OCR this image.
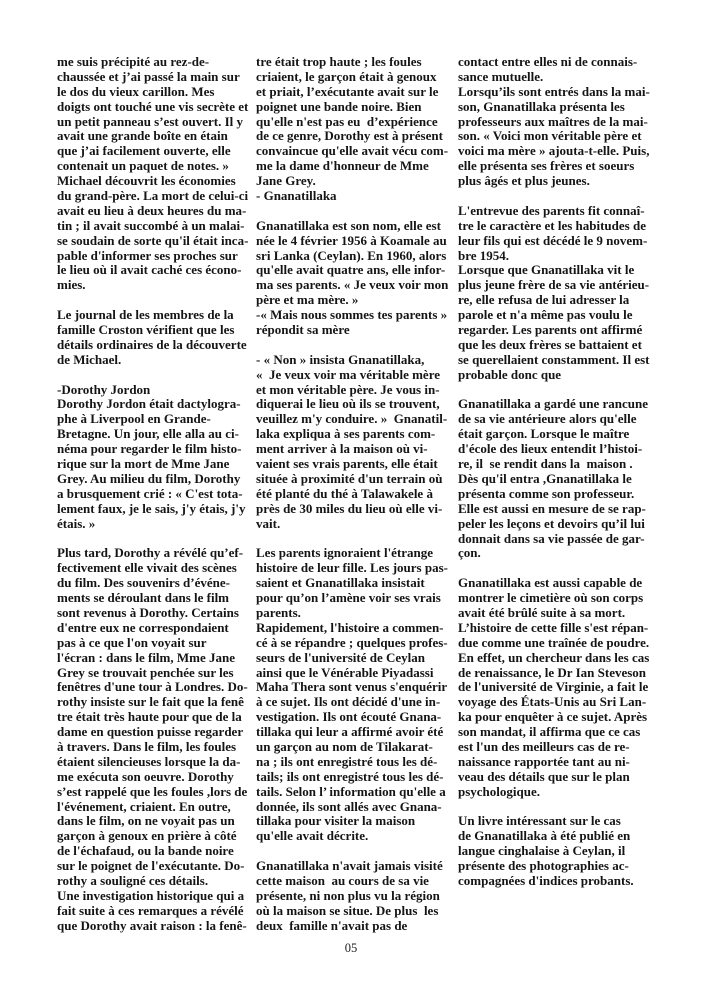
me suis précipité au rez-de-
chaussée et j’ai passé la main sur
le dos du vieux carillon. Mes
doigts ont touché une vis secrète et
un petit panneau s’est ouvert. Il y
avait une grande boîte en étain
que j’ai facilement ouverte, elle
contenait un paquet de notes. »
Michael découvrit les économies
du grand-père. La mort de celui-ci
avait eu lieu à deux heures du ma-
tin ; il avait succombé à un malai-
se soudain de sorte qu'il était inca-
pable d'informer ses proches sur
le lieu où il avait caché ces écono-
mies.

Le journal de les membres de la
famille Croston vérifient que les
détails ordinaires de la découverte
de Michael.

-Dorothy Jordon
Dorothy Jordon était dactylogra-
phe à Liverpool en Grande-
Bretagne. Un jour, elle alla au ci-
néma pour regarder le film histo-
rique sur la mort de Mme Jane
Grey. Au milieu du film, Dorothy
a brusquement crié : « C'est tota-
lement faux, je le sais, j'y étais, j'y
étais. »

Plus tard, Dorothy a révélé qu’ef-
fectivement elle vivait des scènes
du film. Des souvenirs d’événe-
ments se déroulant dans le film
sont revenus à Dorothy. Certains
d'entre eux ne correspondaient
pas à ce que l'on voyait sur
l'écran : dans le film, Mme Jane
Grey se trouvait penchée sur les
fenêtres d'une tour à Londres. Do-
rothy insiste sur le fait que la fenê
tre était très haute pour que de la
dame en question puisse regarder
à travers. Dans le film, les foules
étaient silencieuses lorsque la da-
me exécuta son oeuvre. Dorothy
s’est rappelé que les foules ,lors de
l'événement, criaient. En outre,
dans le film, on ne voyait pas un
garçon à genoux en prière à côté
de l'échafaud, ou la bande noire
sur le poignet de l'exécutante. Do-
rothy a souligné ces détails.
Une investigation historique qui a
fait suite à ces remarques a révélé
que Dorothy avait raison : la fenê-
tre était trop haute ; les foules
criaient, le garçon était à genoux
et priait, l’exécutante avait sur le
poignet une bande noire. Bien
qu'elle n'est pas eu  d’expérience
de ce genre, Dorothy est à présent
convaincue qu'elle avait vécu com-
me la dame d'honneur de Mme
Jane Grey.
- Gnanatillaka

Gnanatillaka est son nom, elle est
née le 4 février 1956 à Koamale au
sri Lanka (Ceylan). En 1960, alors
qu'elle avait quatre ans, elle infor-
ma ses parents. « Je veux voir mon
père et ma mère. »
-« Mais nous sommes tes parents »
répondit sa mère

- « Non » insista Gnanatillaka,
«  Je veux voir ma véritable mère
et mon véritable père. Je vous in-
diquerai le lieu où ils se trouvent,
veuillez m'y conduire. »  Gnanatil-
laka expliqua à ses parents com-
ment arriver à la maison où vi-
vaient ses vrais parents, elle était
située à proximité d'un terrain où
été planté du thé à Talawakele à
près de 30 miles du lieu où elle vi-
vait.

Les parents ignoraient l'étrange
histoire de leur fille. Les jours pas-
saient et Gnanatillaka insistait
pour qu’on l’amène voir ses vrais
parents.
Rapidement, l'histoire a commen-
cé à se répandre ; quelques profes-
seurs de l'université de Ceylan
ainsi que le Vénérable Piyadassi
Maha Thera sont venus s'enquérir
à ce sujet. Ils ont décidé d'une in-
vestigation. Ils ont écouté Gnana-
tillaka qui leur a affirmé avoir été
un garçon au nom de Tilakarat-
na ; ils ont enregistré tous les dé-
tails; ils ont enregistré tous les dé-
tails. Selon l’ information qu'elle a
donnée, ils sont allés avec Gnana-
tillaka pour visiter la maison
qu'elle avait décrite.

Gnanatillaka n'avait jamais visité
cette maison  au cours de sa vie
présente, ni non plus vu la région
où la maison se situe. De plus  les
deux  famille n'avait pas de
contact entre elles ni de connais-
sance mutuelle.
Lorsqu’ils sont entrés dans la mai-
son, Gnanatillaka présenta les
professeurs aux maîtres de la mai-
son. « Voici mon véritable père et
voici ma mère » ajouta-t-elle. Puis,
elle présenta ses frères et soeurs
plus âgés et plus jeunes.

L'entrevue des parents fit connaî-
tre le caractère et les habitudes de
leur fils qui est décédé le 9 novem-
bre 1954.
Lorsque que Gnanatillaka vit le
plus jeune frère de sa vie antérieu-
re, elle refusa de lui adresser la
parole et n'a même pas voulu le
regarder. Les parents ont affirmé
que les deux frères se battaient et
se querellaient constamment. Il est
probable donc que

Gnanatillaka a gardé une rancune
de sa vie antérieure alors qu'elle
était garçon. Lorsque le maître
d'école des lieux entendit l’histoi-
re, il  se rendit dans la  maison .
Dès qu'il entra ,Gnanatillaka le
présenta comme son professeur.
Elle est aussi en mesure de se rap-
peler les leçons et devoirs qu’il lui
donnait dans sa vie passée de gar-
çon.

Gnanatillaka est aussi capable de
montrer le cimetière où son corps
avait été brûlé suite à sa mort.
L’histoire de cette fille s'est répan-
due comme une traînée de poudre.
En effet, un chercheur dans les cas
de renaissance, le Dr Ian Steveson
de l'université de Virginie, a fait le
voyage des États-Unis au Sri Lan-
ka pour enquêter à ce sujet. Après
son mandat, il affirma que ce cas
est l'un des meilleurs cas de re-
naissance rapportée tant au ni-
veau des détails que sur le plan
psychologique.

Un livre intéressant sur le cas
de Gnanatillaka à été publié en
langue cinghalaise à Ceylan, il
présente des photographies ac-
compagnées d'indices probants.
05
